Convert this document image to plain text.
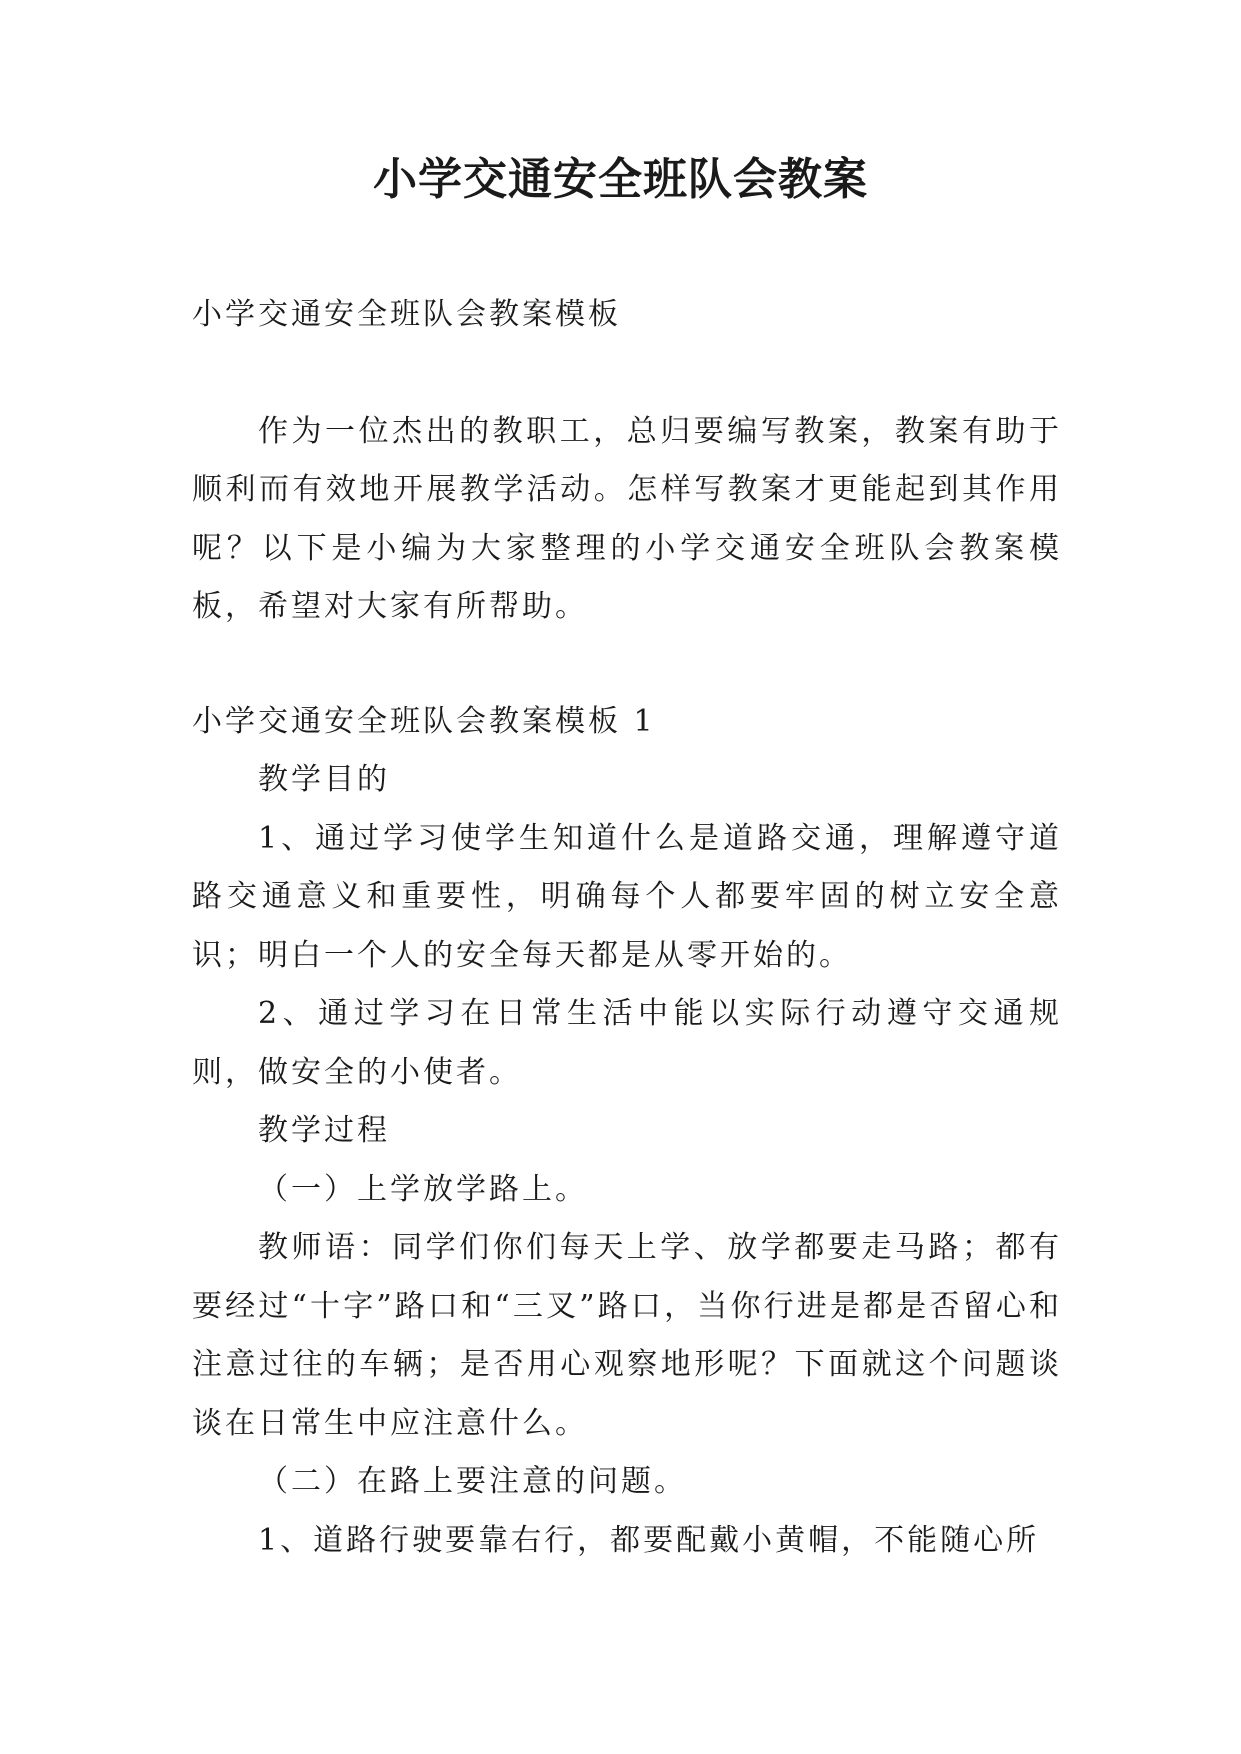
小学交通安全班队会教案

小学交通安全班队会教案模板

作为一位杰出的教职工，总归要编写教案，教案有助于顺利而有效地开展教学活动。怎样写教案才更能起到其作用呢？以下是小编为大家整理的小学交通安全班队会教案模板，希望对大家有所帮助。

小学交通安全班队会教案模板 1

教学目的

1、通过学习使学生知道什么是道路交通，理解遵守道路交通意义和重要性，明确每个人都要牢固的树立安全意识；明白一个人的安全每天都是从零开始的。

2、通过学习在日常生活中能以实际行动遵守交通规则，做安全的小使者。

教学过程

（一）上学放学路上。

教师语：同学们你们每天上学、放学都要走马路；都有要经过“十字”路口和“三叉”路口，当你行进是都是否留心和注意过往的车辆；是否用心观察地形呢？下面就这个问题谈谈在日常生中应注意什么。

（二）在路上要注意的问题。

1、道路行驶要靠右行，都要配戴小黄帽，不能随心所
